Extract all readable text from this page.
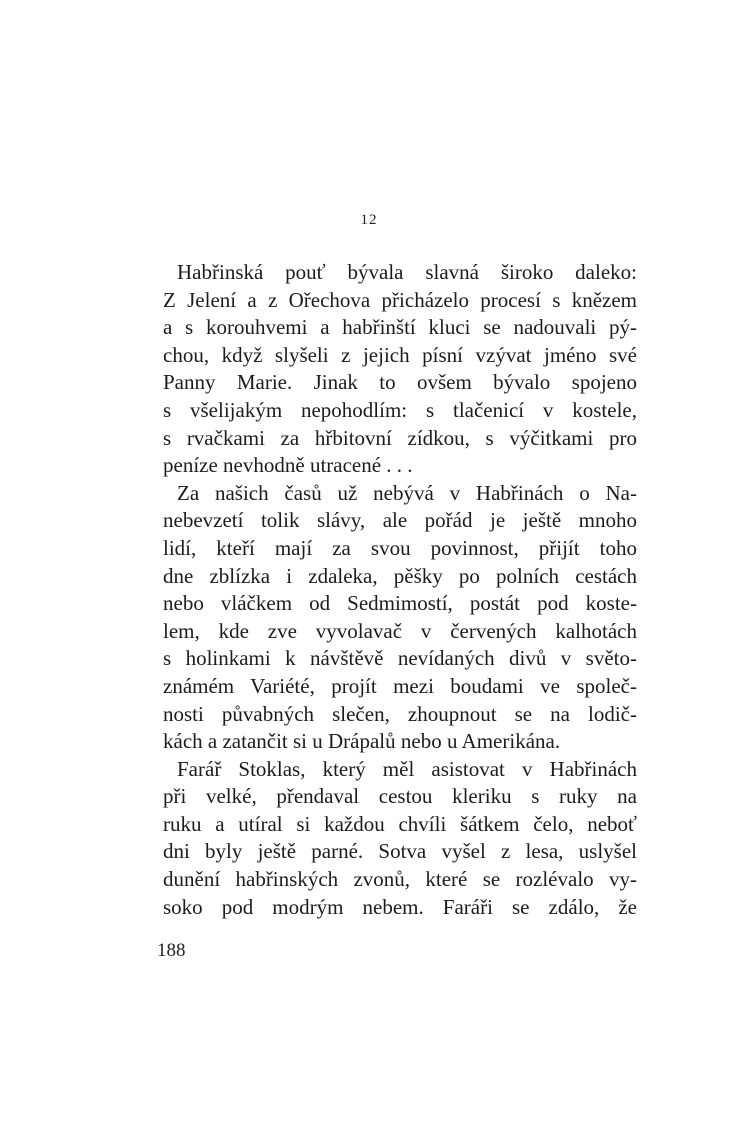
12
Habřinská pouť bývala slavná široko daleko:
Z Jelení a z Ořechova přicházelo procesí s knězem
a s korouhvemi a habřinští kluci se nadouvali pý-
chou, když slyšeli z jejich písní vzývat jméno své
Panny Marie. Jinak to ovšem bývalo spojeno
s všelijakým nepohodlím: s tlačenicí v kostele,
s rvačkami za hřbitovní zídkou, s výčitkami pro
peníze nevhodně utracené . . .
Za našich časů už nebývá v Habřinách o Na-
nebevzetí tolik slávy, ale pořád je ještě mnoho
lidí, kteří mají za svou povinnost, přijít toho
dne zblízka i zdaleka, pěšky po polních cestách
nebo vláčkem od Sedmimostí, postát pod koste-
lem, kde zve vyvolavač v červených kalhotách
s holinkami k návštěvě nevídaných divů v světo-
známém Variété, projít mezi boudami ve společ-
nosti půvabných slečen, zhoupnout se na lodič-
kách a zatančit si u Drápalů nebo u Amerikána.
Farář Stoklas, který měl asistovat v Habřinách
při velké, přendaval cestou kleriku s ruky na
ruku a utíral si každou chvíli šátkem čelo, neboť
dni byly ještě parné. Sotva vyšel z lesa, uslyšel
dunění habřinských zvonů, které se rozlévalo vy-
soko pod modrým nebem. Faráři se zdálo, že
188
